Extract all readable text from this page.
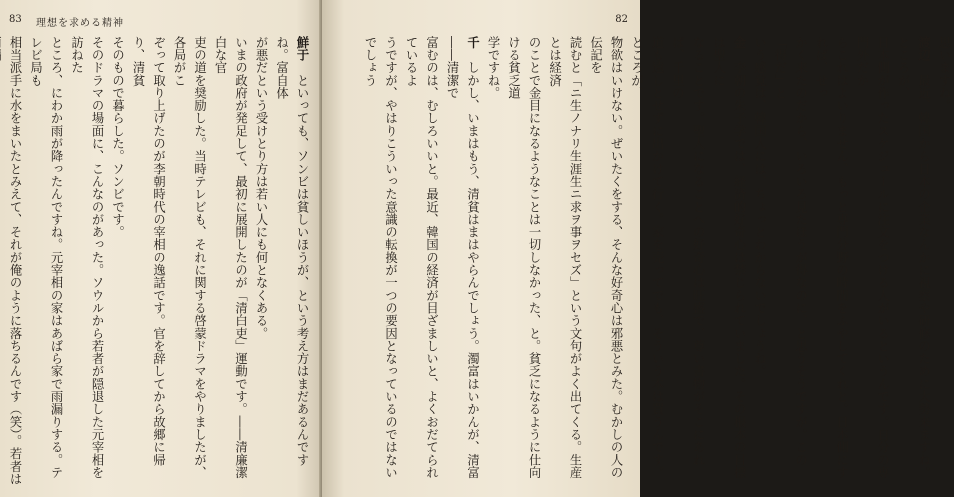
83 理想を求める精神
鮮于　といっても、ソンビは貧しいほうが、という考え方はまだあるんですね。富自体
が悪だという受けとり方は若い人にも何となくある。
いまの政府が発足して、最初に展開したのが「清白吏」運動です。――清廉潔白な官
吏の道を奨励した。当時テレビも、それに関する啓蒙ドラマをやりましたが、各局がこ
ぞって取り上げたのが李朝時代の宰相の逸話です。官を辞してから故郷に帰り、清貧
そのもので暮らした。ソンビです。
そのドラマの場面に、こんなのがあった。ソウルから若者が隠退した元宰相を訪ねた
ところ、にわか雨が降ったんですね。元宰相の家はあばら家で雨漏りする。テレビ局も
相当派手に水をまいたとみえて、それが俺のように落ちるんです（笑）。若者は

82
思いますね。
渡辺　最近、韓国から日本の企業なんかに視察や研修のために大勢来ますね。ところが、
日本側が作ったスケジュールに注文をつける人がいるというんです。自分の専門外だか
らこれはよいりません、もっと専門分野の時間をふやしてくれと。日本側にすれば、せっ
かく来たのだから、いろいろ見たほうが得なのに、と思うそうですが。この「得だ」と
いう感覚は、韓国人には、ちょっとわからないでしょうね。
金　李朝の朱子学では、経済的好奇心は禁じられていました。その根本の目標は聖人に
なることです。聖人になることへの好奇心は旺盛で、尊い書物がそこにあれば、千里の
道も遠しとせずに出かけて行く。家を売ってでも、そういう本は買うんです。ところが、
物欲はいけない。ぜいたくをする、そんな好奇心は邪悪とみた。むかしの人の伝記を
読むと「ニ生ノナリ生涯生ニ求ヲ事ヲセズ」という文句がよく出てくる。生産とは経済
のことで金目になるようなことは一切しなかった、と。貧乏になるように仕向ける貧乏道
学ですね。
千　しかし、いまはもう、清貧はまはやらんでしょう。濁富はいかんが、清富――清潔で
富むのは、むしろいいと。最近、韓国の経済が目ざましいと、よくおだてられているよ
うですが、やはりこういった意識の転換が一つの要因となっているのではないでしょう
